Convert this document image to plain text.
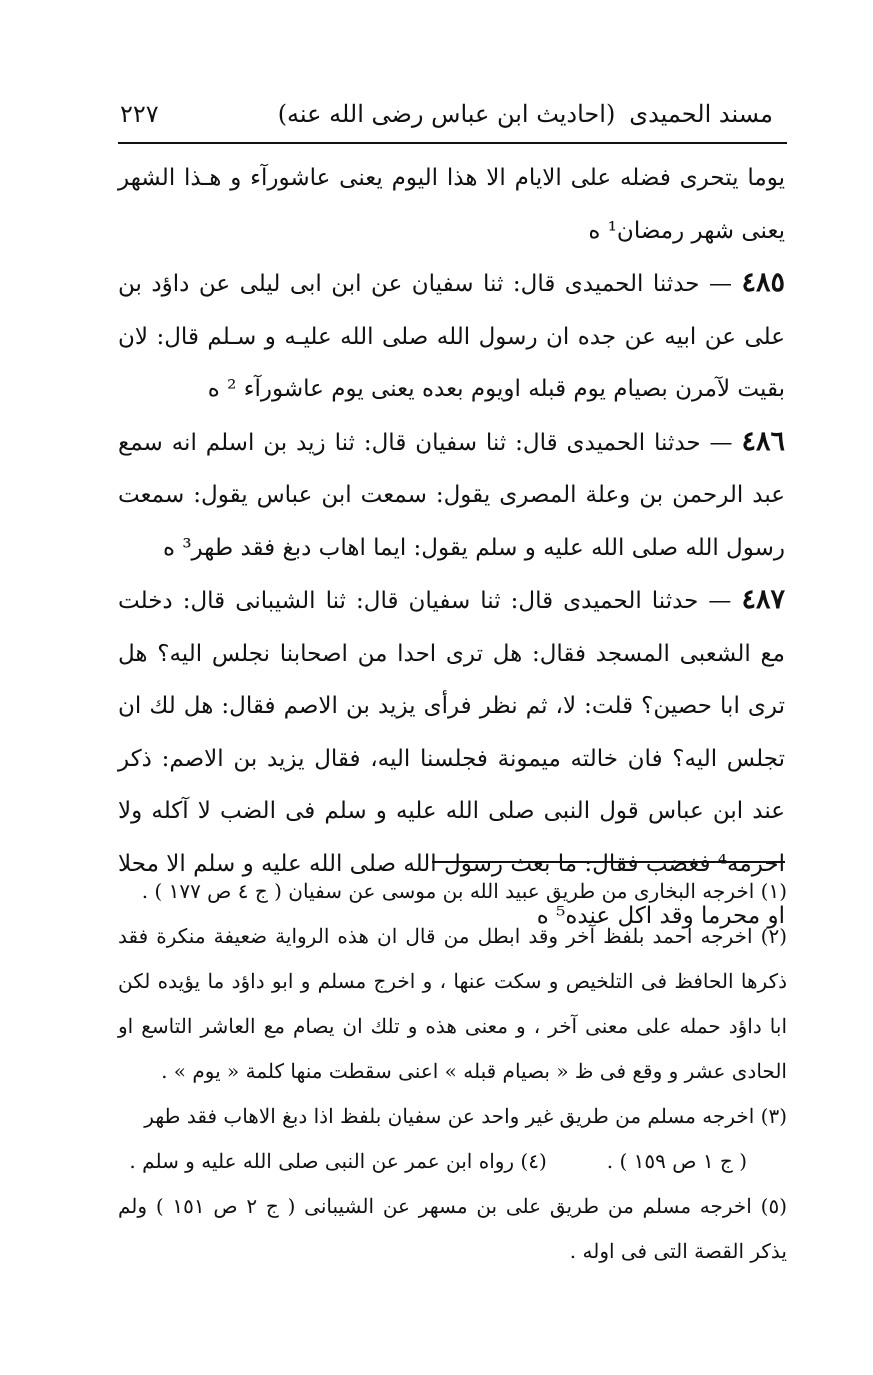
مسند الحميدى
(احاديث ابن عباس رضى الله عنه)
٢٢٧

يوما يتحرى فضله على الايام الا هذا اليوم يعنى عاشورآء و هـذا الشهر يعنى شهر رمضان¹ ه

٤٨٥ — حدثنا الحميدى قال: ثنا سفيان عن ابن ابى ليلى عن داؤد بن على عن ابيه عن جده ان رسول الله صلى الله عليـه و سـلم قال: لان بقيت لآمرن بصيام يوم قبله اويوم بعده يعنى يوم عاشورآء ² ه

٤٨٦ — حدثنا الحميدى قال: ثنا سفيان قال: ثنا زيد بن اسلم انه سمع عبد الرحمن بن وعلة المصرى يقول: سمعت ابن عباس يقول: سمعت رسول الله صلى الله عليه و سلم يقول: ايما اهاب دبغ فقد طهر³ ه

٤٨٧ — حدثنا الحميدى قال: ثنا سفيان قال: ثنا الشيبانى قال: دخلت مع الشعبى المسجد فقال: هل ترى احدا من اصحابنا نجلس اليه؟ هل ترى ابا حصين؟ قلت: لا، ثم نظر فرأى يزيد بن الاصم فقال: هل لك ان تجلس اليه؟ فان خالته ميمونة فجلسنا اليه، فقال يزيد بن الاصم: ذكر عند ابن عباس قول النبى صلى الله عليه و سلم فى الضب لا آكله ولا احرمه⁴ فغضب فقال: ما بعث رسول الله صلى الله عليه و سلم الا محلا او محرما وقد اكل عنده⁵ ه

(١) اخرجه البخارى من طريق عبيد الله بن موسى عن سفيان ( ج ٤ ص ١٧٧ ) .

(٢) اخرجه احمد بلفظ آخر وقد ابطل من قال ان هذه الرواية ضعيفة منكرة فقد ذكرها الحافظ فى التلخيص و سكت عنها ، و اخرج مسلم و ابو داؤد ما يؤيده لكن ابا داؤد حمله على معنى آخر ، و معنى هذه و تلك ان يصام مع العاشر التاسع او الحادى عشر و وقع فى ظ « بصيام قبله » اعنى سقطت منها كلمة « يوم » .

(٣) اخرجه مسلم من طريق غير واحد عن سفيان بلفظ اذا دبغ الاهاب فقد طهر

( ج ١ ص ١٥٩ ) .
(٤) رواه ابن عمر عن النبى صلى الله عليه و سلم .

(٥) اخرجه مسلم من طريق على بن مسهر عن الشيبانى ( ج ٢ ص ١٥١ ) ولم يذكر القصة التى فى اوله .
